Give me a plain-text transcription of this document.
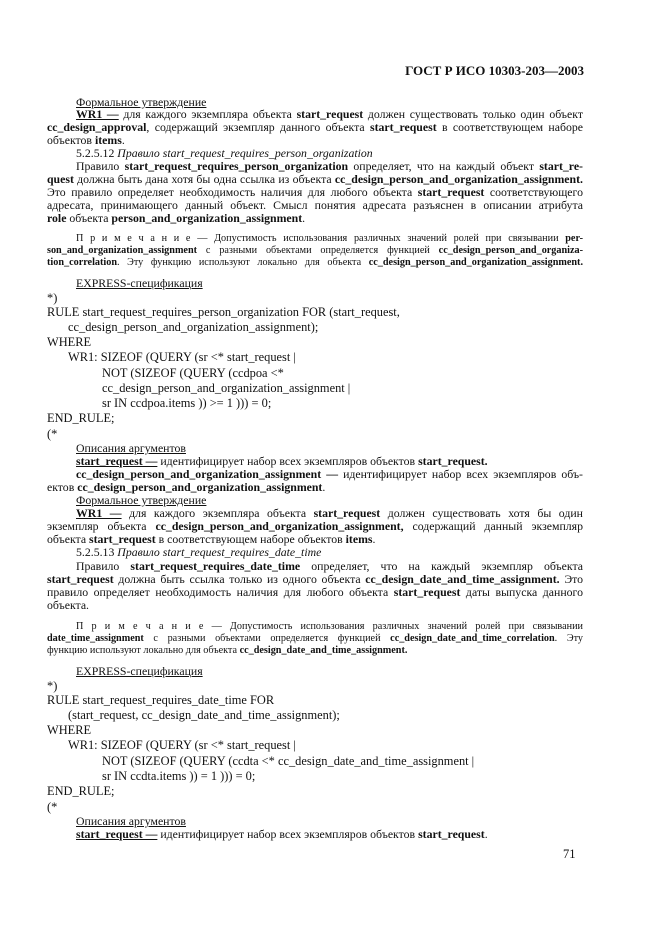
ГОСТ Р ИСО 10303-203—2003
Формальное утверждение
WR1 — для каждого экземпляра объекта start_request должен существовать только один объект
cc_design_approval, содержащий экземпляр данного объекта start_request в соответствующем наборе
объектов items.
5.2.5.12 Правило start_request_requires_person_organization
Правило start_request_requires_person_organization определяет, что на каждый объект start_re-
quest должна быть дана хотя бы одна ссылка из объекта cc_design_person_and_organization_assignment.
Это правило определяет необходимость наличия для любого объекта start_request соответствующего
адресата, принимающего данный объект. Смысл понятия адресата разъяснен в описании атрибута
role объекта person_and_organization_assignment.
П р и м е ч а н и е — Допустимость использования различных значений ролей при связывании per-
son_and_organization_assignment с разными объектами определяется функцией cc_design_person_and_organiza-
tion_correlation. Эту функцию используют локально для объекта cc_design_person_and_organization_assignment.
EXPRESS-спецификация
*)
RULE start_request_requires_person_organization FOR (start_request,
cc_design_person_and_organization_assignment);
WHERE
WR1: SIZEOF (QUERY (sr <* start_request |
NOT (SIZEOF (QUERY (ccdpoa <*
cc_design_person_and_organization_assignment |
sr IN ccdpoa.items )) >= 1 ))) = 0;
END_RULE;
(*
Описания аргументов
start_request — идентифицирует набор всех экземпляров объектов start_request.
cc_design_person_and_organization_assignment — идентифицирует набор всех экземпляров объ-
ектов cc_design_person_and_organization_assignment.
Формальное утверждение
WR1 — для каждого экземпляра объекта start_request должен существовать хотя бы один
экземпляр объекта cc_design_person_and_organization_assignment, содержащий данный экземпляр
объекта start_request в соответствующем наборе объектов items.
5.2.5.13 Правило start_request_requires_date_time
Правило start_request_requires_date_time определяет, что на каждый экземпляр объекта
start_request должна быть ссылка только из одного объекта cc_design_date_and_time_assignment. Это
правило определяет необходимость наличия для любого объекта start_request даты выпуска данного
объекта.
П р и м е ч а н и е — Допустимость использования различных значений ролей при связывании
date_time_assignment с разными объектами определяется функцией cc_design_date_and_time_correlation. Эту
функцию используют локально для объекта cc_design_date_and_time_assignment.
EXPRESS-спецификация
*)
RULE start_request_requires_date_time FOR
(start_request, cc_design_date_and_time_assignment);
WHERE
WR1: SIZEOF (QUERY (sr <* start_request |
NOT (SIZEOF (QUERY (ccdta <* cc_design_date_and_time_assignment |
sr IN ccdta.items )) = 1 ))) = 0;
END_RULE;
(*
Описания аргументов
start_request — идентифицирует набор всех экземпляров объектов start_request.
71
